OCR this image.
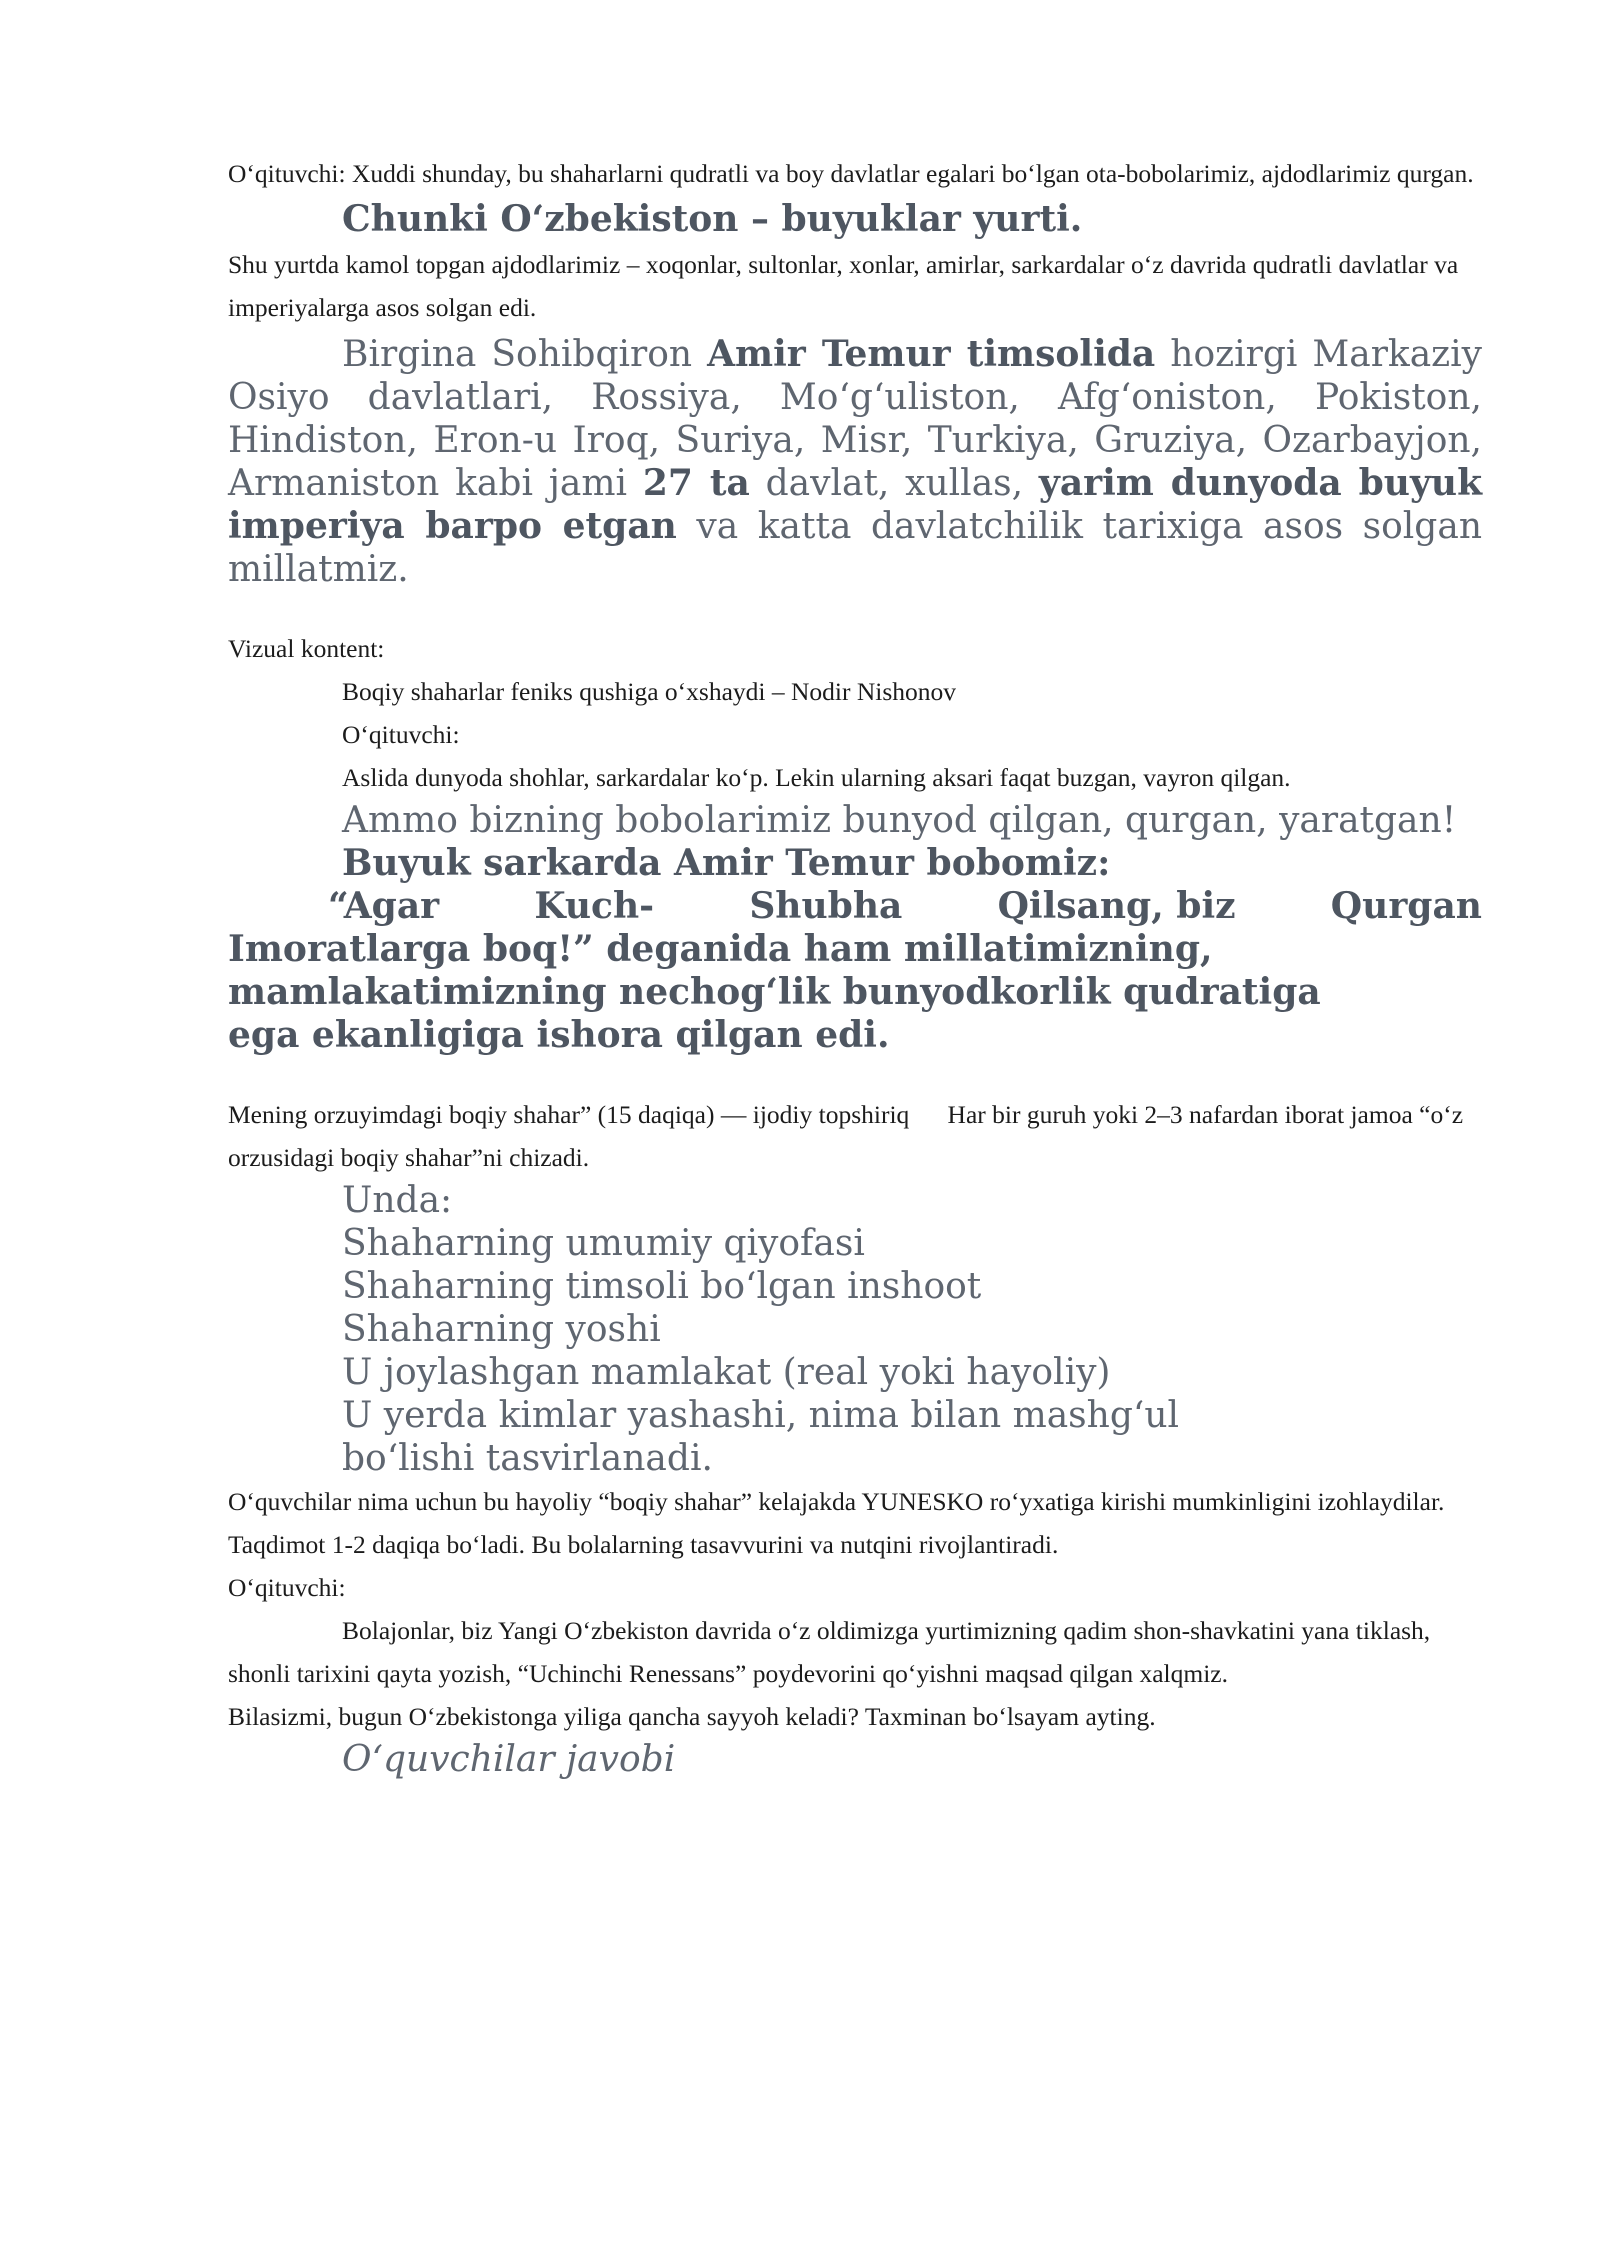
O‘qituvchi: Xuddi shunday, bu shaharlarni qudratli va boy davlatlar egalari bo‘lgan ota-bobolarimiz, ajdodlarimiz qurgan.

Chunki O‘zbekiston – buyuklar yurti.

Shu yurtda kamol topgan ajdodlarimiz – xoqonlar, sultonlar, xonlar, amirlar, sarkardalar o‘z davrida qudratli davlatlar va imperiyalarga asos solgan edi.

Birgina Sohibqiron Amir Temur timsolida hozirgi Markaziy Osiyo davlatlari, Rossiya, Mo‘g‘uliston, Afg‘oniston, Pokiston, Hindiston, Eron-u Iroq, Suriya, Misr, Turkiya, Gruziya, Ozarbayjon, Armaniston kabi jami 27 ta davlat, xullas, yarim dunyoda buyuk imperiya barpo etgan va katta davlatchilik tarixiga asos solgan millatmiz.

Vizual kontent:

Boqiy shaharlar feniks qushiga o‘xshaydi – Nodir Nishonov

O‘qituvchi:

Aslida dunyoda shohlar, sarkardalar ko‘p. Lekin ularning aksari faqat buzgan, vayron qilgan.

Ammo bizning bobolarimiz bunyod qilgan, qurgan, yaratgan!

Buyuk sarkarda Amir Temur bobomiz:

“Agar	Kuch-	Shubha	Qilsang, biz	Qurgan

Imoratlarga boq!” deganida ham millatimizning, mamlakatimizning nechog‘lik bunyodkorlik qudratiga ega ekanligiga ishora qilgan edi.

Mening orzuyimdagi boqiy shahar” (15 daqiqa) — ijodiy topshiriq      Har bir guruh yoki 2–3 nafardan iborat jamoa “o‘z orzusidagi boqiy shahar”ni chizadi.

Unda:

Shaharning umumiy qiyofasi

Shaharning timsoli bo‘lgan inshoot

Shaharning yoshi

U joylashgan mamlakat (real yoki hayoliy)

U yerda kimlar yashashi, nima bilan mashg‘ul bo‘lishi tasvirlanadi.

O‘quvchilar nima uchun bu hayoliy “boqiy shahar” kelajakda YUNESKO ro‘yxatiga kirishi mumkinligini izohlaydilar.

Taqdimot 1-2 daqiqa bo‘ladi. Bu bolalarning tasavvurini va nutqini rivojlantiradi.

O‘qituvchi:

Bolajonlar, biz Yangi O‘zbekiston davrida o‘z oldimizga yurtimizning qadim shon-shavkatini yana tiklash, shonli tarixini qayta yozish, “Uchinchi Renessans” poydevorini qo‘yishni maqsad qilgan xalqmiz.

Bilasizmi, bugun O‘zbekistonga yiliga qancha sayyoh keladi? Taxminan bo‘lsayam ayting.

O‘quvchilar javobi
